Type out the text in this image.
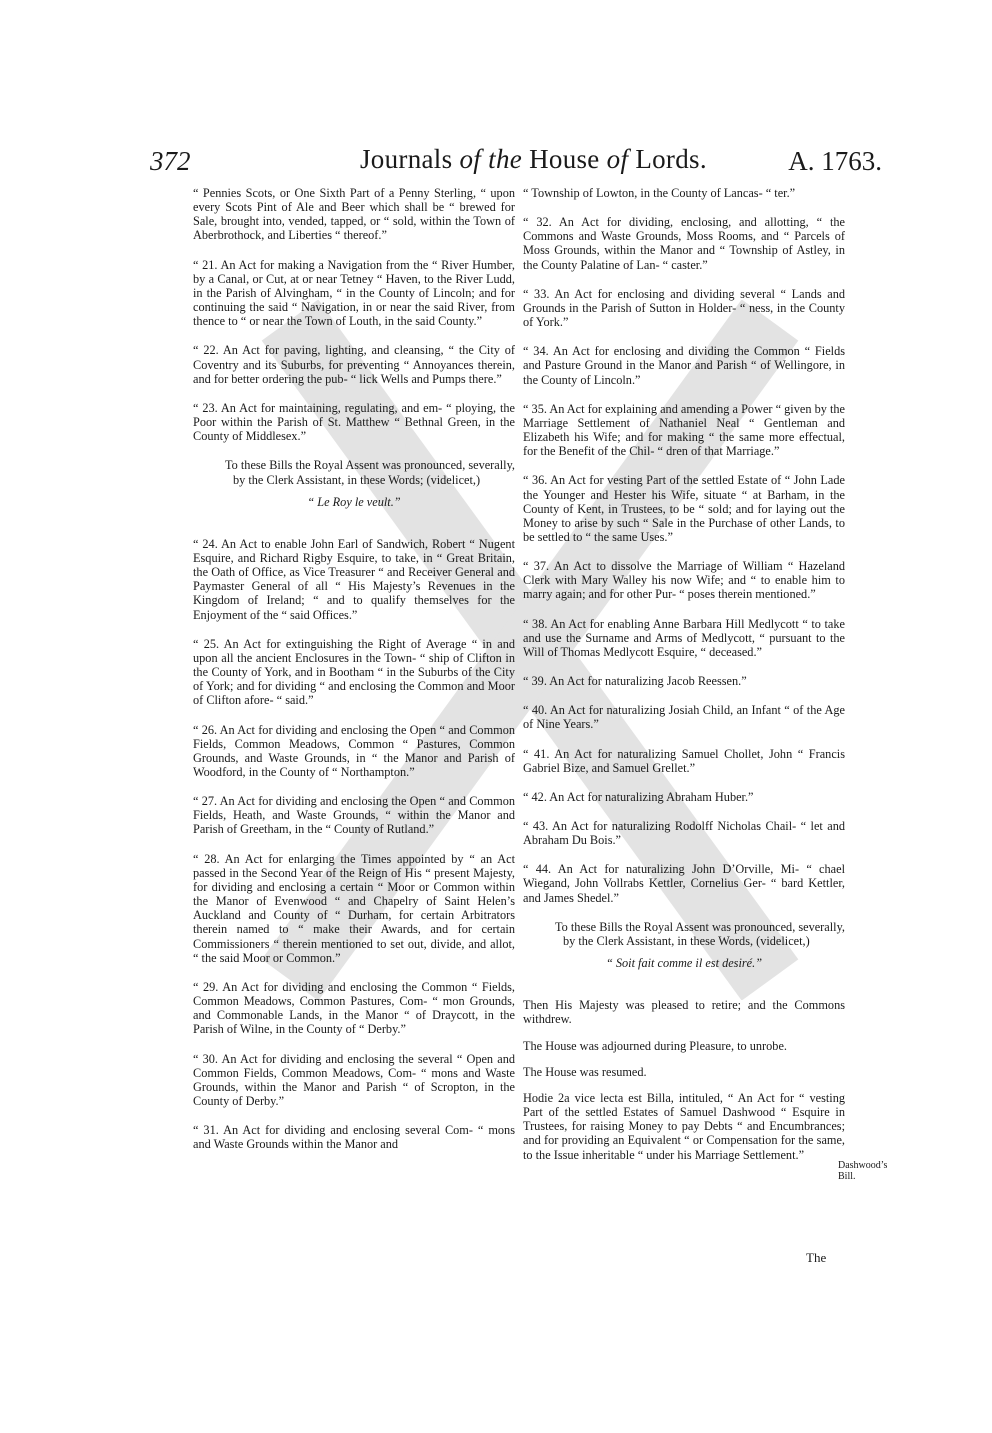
372	Journals of the House of Lords.	A. 1763.

“ Pennies Scots, or One Sixth Part of a Penny Sterling, “ upon every Scots Pint of Ale and Beer which shall be “ brewed for Sale, brought into, vended, tapped, or “ sold, within the Town of Aberbrothock, and Liberties “ thereof.”

“ 21. An Act for making a Navigation from the “ River Humber, by a Canal, or Cut, at or near Tetney “ Haven, to the River Ludd, in the Parish of Alvingham, “ in the County of Lincoln; and for continuing the said “ Navigation, in or near the said River, from thence to “ or near the Town of Louth, in the said County.”

“ 22. An Act for paving, lighting, and cleansing, “ the City of Coventry and its Suburbs, for preventing “ Annoyances therein, and for better ordering the pub- “ lick Wells and Pumps there.”

“ 23. An Act for maintaining, regulating, and em- “ ploying, the Poor within the Parish of St. Matthew “ Bethnal Green, in the County of Middlesex.”

To these Bills the Royal Assent was pronounced, severally, by the Clerk Assistant, in these Words; (videlicet,)

“ Le Roy le veult.”

“ 24. An Act to enable John Earl of Sandwich, Robert “ Nugent Esquire, and Richard Rigby Esquire, to take, in “ Great Britain, the Oath of Office, as Vice Treasurer “ and Receiver General and Paymaster General of all “ His Majesty’s Revenues in the Kingdom of Ireland; “ and to qualify themselves for the Enjoyment of the “ said Offices.”

“ 25. An Act for extinguishing the Right of Average “ in and upon all the ancient Enclosures in the Town- “ ship of Clifton in the County of York, and in Bootham “ in the Suburbs of the City of York; and for dividing “ and enclosing the Common and Moor of Clifton afore- “ said.”

“ 26. An Act for dividing and enclosing the Open “ and Common Fields, Common Meadows, Common “ Pastures, Common Grounds, and Waste Grounds, in “ the Manor and Parish of Woodford, in the County of “ Northampton.”

“ 27. An Act for dividing and enclosing the Open “ and Common Fields, Heath, and Waste Grounds, “ within the Manor and Parish of Greetham, in the “ County of Rutland.”

“ 28. An Act for enlarging the Times appointed by “ an Act passed in the Second Year of the Reign of His “ present Majesty, for dividing and enclosing a certain “ Moor or Common within the Manor of Evenwood “ and Chapelry of Saint Helen’s Auckland and County of “ Durham, for certain Arbitrators therein named to “ make their Awards, and for certain Commissioners “ therein mentioned to set out, divide, and allot, “ the said Moor or Common.”

“ 29. An Act for dividing and enclosing the Common “ Fields, Common Meadows, Common Pastures, Com- “ mon Grounds, and Commonable Lands, in the Manor “ of Draycott, in the Parish of Wilne, in the County of “ Derby.”

“ 30. An Act for dividing and enclosing the several “ Open and Common Fields, Common Meadows, Com- “ mons and Waste Grounds, within the Manor and Parish “ of Scropton, in the County of Derby.”

“ 31. An Act for dividing and enclosing several Com- “ mons and Waste Grounds within the Manor and

“ Township of Lowton, in the County of Lancas- “ ter.”

“ 32. An Act for dividing, enclosing, and allotting, “ the Commons and Waste Grounds, Moss Rooms, and “ Parcels of Moss Grounds, within the Manor and “ Township of Astley, in the County Palatine of Lan- “ caster.”

“ 33. An Act for enclosing and dividing several “ Lands and Grounds in the Parish of Sutton in Holder- “ ness, in the County of York.”

“ 34. An Act for enclosing and dividing the Common “ Fields and Pasture Ground in the Manor and Parish “ of Wellingore, in the County of Lincoln.”

“ 35. An Act for explaining and amending a Power “ given by the Marriage Settlement of Nathaniel Neal “ Gentleman and Elizabeth his Wife; and for making “ the same more effectual, for the Benefit of the Chil- “ dren of that Marriage.”

“ 36. An Act for vesting Part of the settled Estate of “ John Lade the Younger and Hester his Wife, situate “ at Barham, in the County of Kent, in Trustees, to be “ sold; and for laying out the Money to arise by such “ Sale in the Purchase of other Lands, to be settled to “ the same Uses.”

“ 37. An Act to dissolve the Marriage of William “ Hazeland Clerk with Mary Walley his now Wife; and “ to enable him to marry again; and for other Pur- “ poses therein mentioned.”

“ 38. An Act for enabling Anne Barbara Hill Medlycott “ to take and use the Surname and Arms of Medlycott, “ pursuant to the Will of Thomas Medlycott Esquire, “ deceased.”

“ 39. An Act for naturalizing Jacob Reessen.”

“ 40. An Act for naturalizing Josiah Child, an Infant “ of the Age of Nine Years.”

“ 41. An Act for naturalizing Samuel Chollet, John “ Francis Gabriel Bize, and Samuel Grellet.”

“ 42. An Act for naturalizing Abraham Huber.”

“ 43. An Act for naturalizing Rodolff Nicholas Chail- “ let and Abraham Du Bois.”

“ 44. An Act for naturalizing John D’Orville, Mi- “ chael Wiegand, John Vollrabs Kettler, Cornelius Ger- “ bard Kettler, and James Shedel.”

To these Bills the Royal Assent was pronounced, severally, by the Clerk Assistant, in these Words, (videlicet,)

“ Soit fait comme il est desiré.”

Then His Majesty was pleased to retire; and the Commons withdrew.

The House was adjourned during Pleasure, to unrobe.

The House was resumed.

Hodie 2a vice lecta est Billa, intituled, “ An Act for “ vesting Part of the settled Estates of Samuel Dashwood “ Esquire in Trustees, for raising Money to pay Debts “ and Encumbrances; and for providing an Equivalent “ or Compensation for the same, to the Issue inheritable “ under his Marriage Settlement.”

Dashwood’s Bill.
The
